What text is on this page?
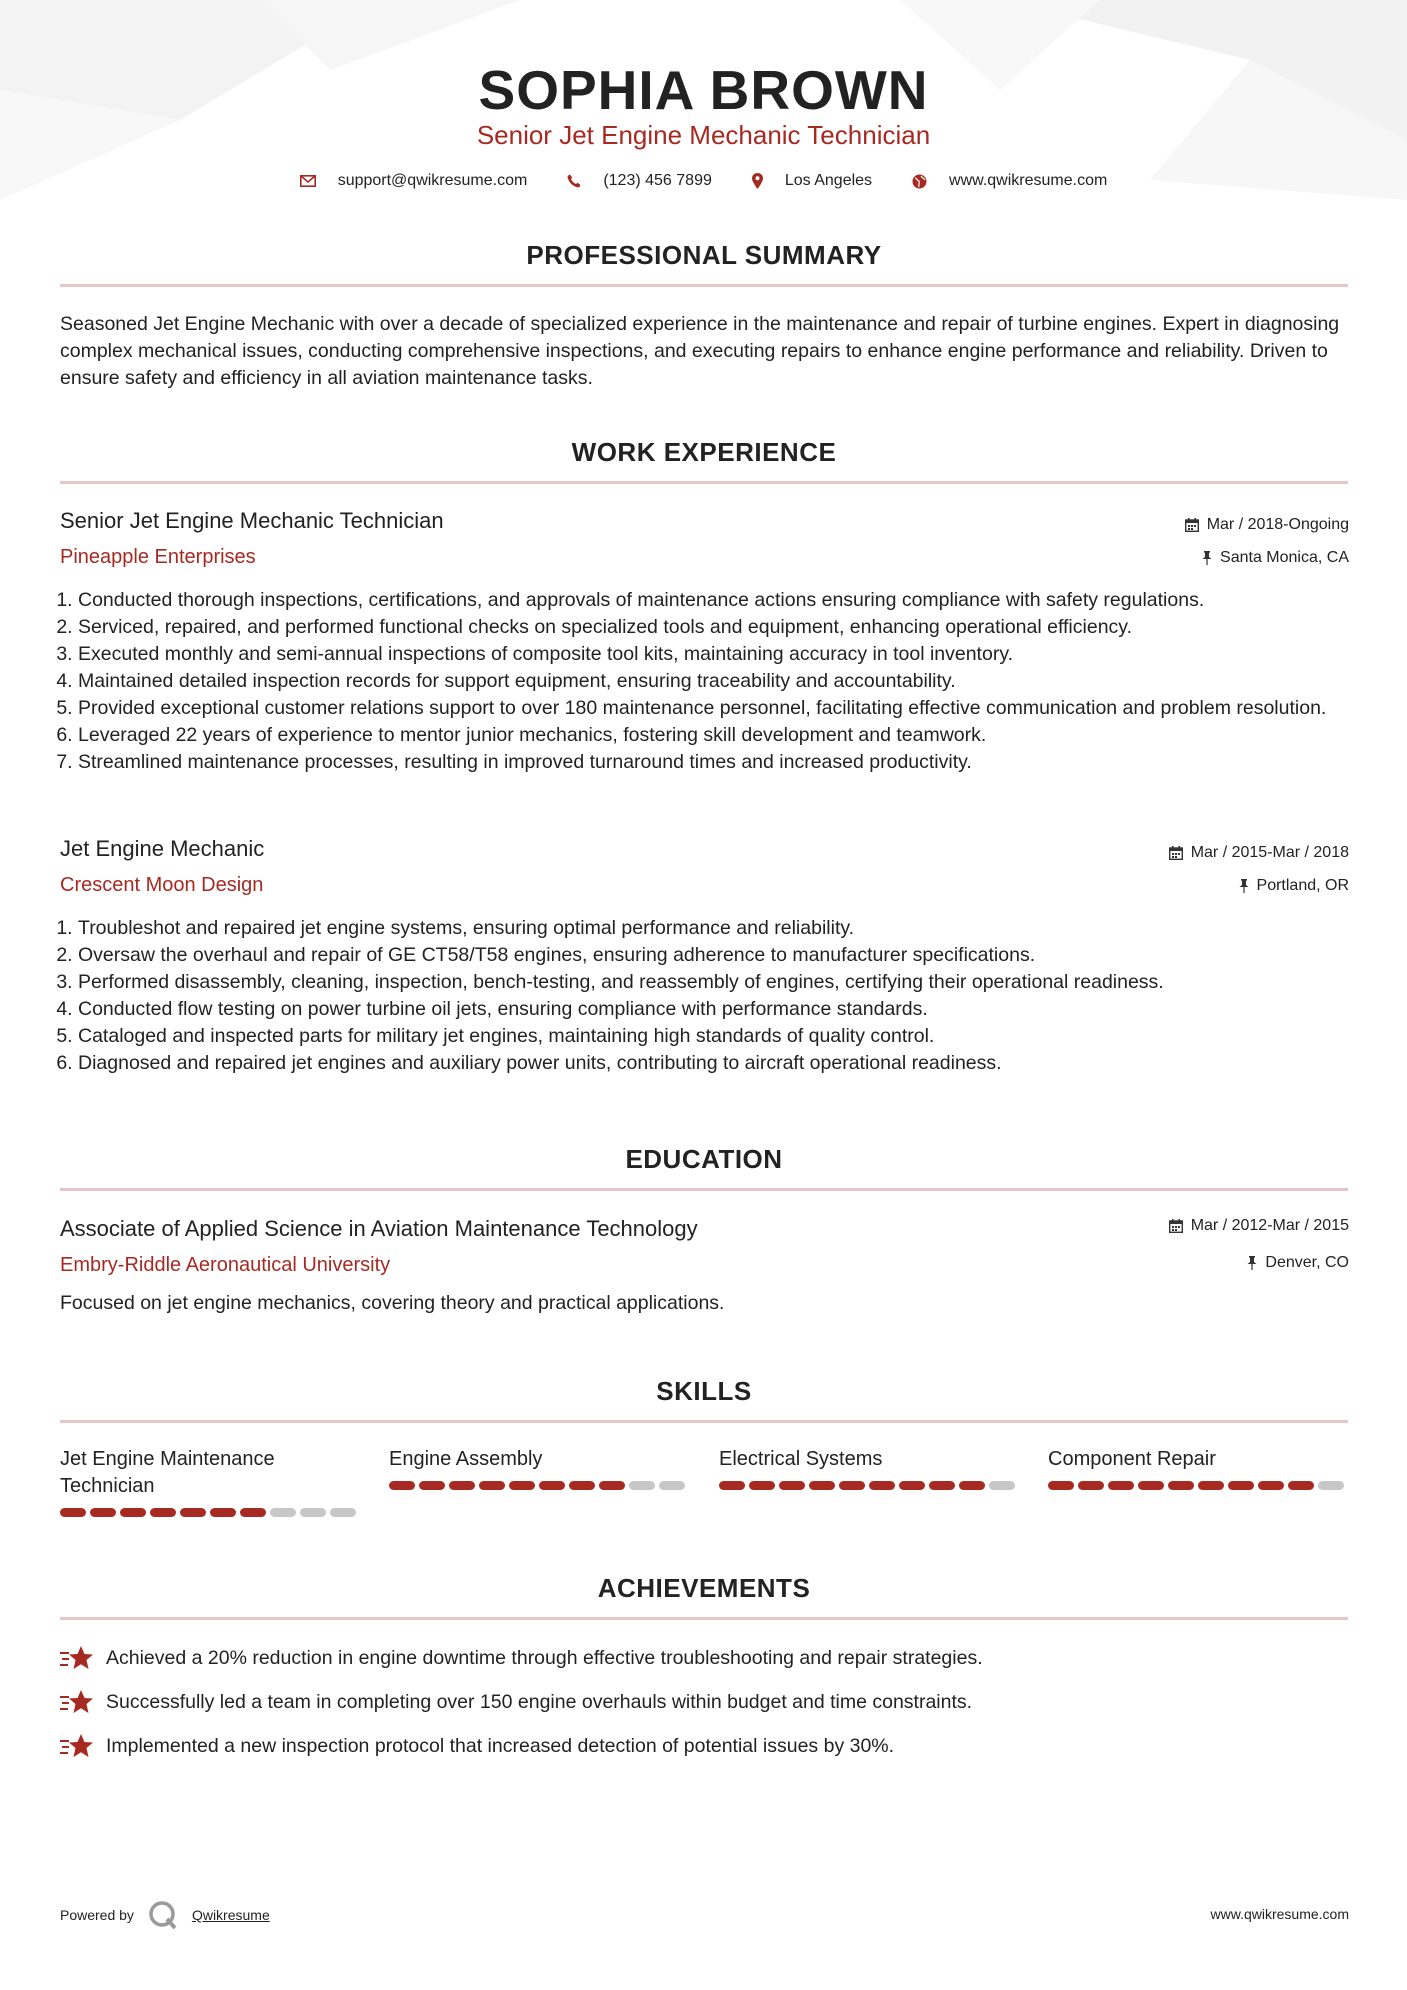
SOPHIA BROWN
Senior Jet Engine Mechanic Technician
support@qwikresume.com	(123) 456 7899	Los Angeles	www.qwikresume.com
PROFESSIONAL SUMMARY
Seasoned Jet Engine Mechanic with over a decade of specialized experience in the maintenance and repair of turbine engines. Expert in diagnosing complex mechanical issues, conducting comprehensive inspections, and executing repairs to enhance engine performance and reliability. Driven to ensure safety and efficiency in all aviation maintenance tasks.
WORK EXPERIENCE
Senior Jet Engine Mechanic Technician
Pineapple Enterprises
Mar / 2018-Ongoing
Santa Monica, CA
1. Conducted thorough inspections, certifications, and approvals of maintenance actions ensuring compliance with safety regulations.
2. Serviced, repaired, and performed functional checks on specialized tools and equipment, enhancing operational efficiency.
3. Executed monthly and semi-annual inspections of composite tool kits, maintaining accuracy in tool inventory.
4. Maintained detailed inspection records for support equipment, ensuring traceability and accountability.
5. Provided exceptional customer relations support to over 180 maintenance personnel, facilitating effective communication and problem resolution.
6. Leveraged 22 years of experience to mentor junior mechanics, fostering skill development and teamwork.
7. Streamlined maintenance processes, resulting in improved turnaround times and increased productivity.
Jet Engine Mechanic
Crescent Moon Design
Mar / 2015-Mar / 2018
Portland, OR
1. Troubleshot and repaired jet engine systems, ensuring optimal performance and reliability.
2. Oversaw the overhaul and repair of GE CT58/T58 engines, ensuring adherence to manufacturer specifications.
3. Performed disassembly, cleaning, inspection, bench-testing, and reassembly of engines, certifying their operational readiness.
4. Conducted flow testing on power turbine oil jets, ensuring compliance with performance standards.
5. Cataloged and inspected parts for military jet engines, maintaining high standards of quality control.
6. Diagnosed and repaired jet engines and auxiliary power units, contributing to aircraft operational readiness.
EDUCATION
Associate of Applied Science in Aviation Maintenance Technology
Embry-Riddle Aeronautical University
Mar / 2012-Mar / 2015
Denver, CO
Focused on jet engine mechanics, covering theory and practical applications.
SKILLS
Jet Engine Maintenance Technician
Engine Assembly	Electrical Systems	Component Repair
ACHIEVEMENTS
Achieved a 20% reduction in engine downtime through effective troubleshooting and repair strategies.
Successfully led a team in completing over 150 engine overhauls within budget and time constraints.
Implemented a new inspection protocol that increased detection of potential issues by 30%.
Powered by	Qwikresume	www.qwikresume.com
